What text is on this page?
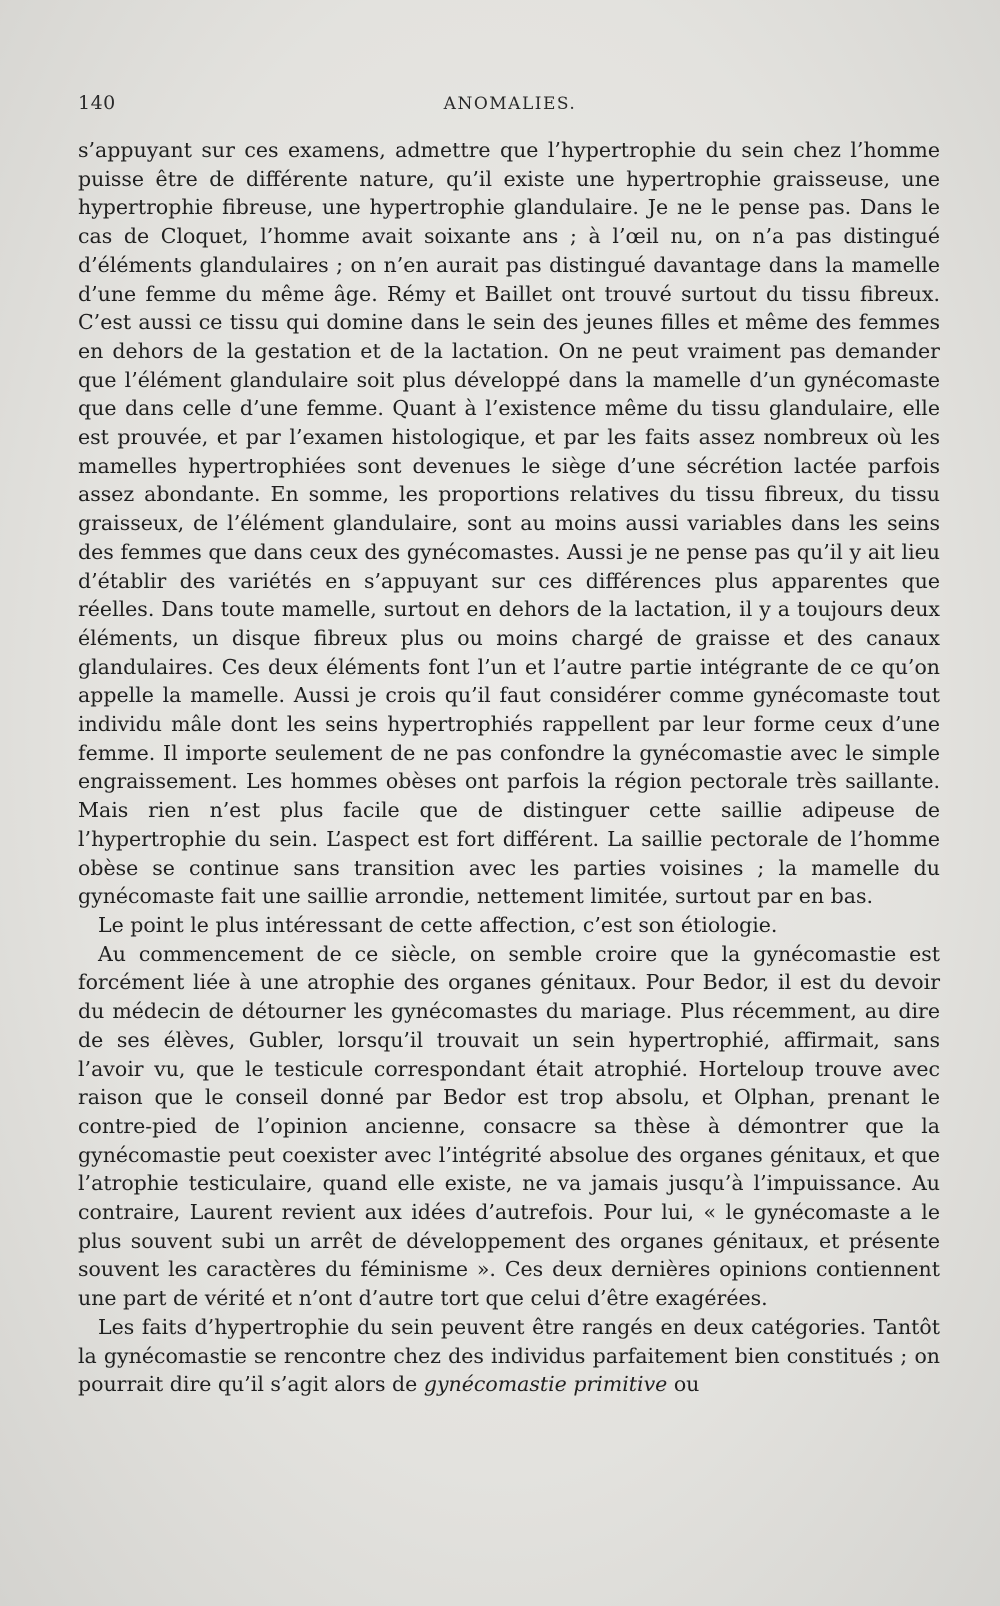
140	ANOMALIES.

s’appuyant sur ces examens, admettre que l’hypertrophie du sein chez l’homme puisse être de différente nature, qu’il existe une hypertrophie graisseuse, une hypertrophie fibreuse, une hypertrophie glandulaire. Je ne le pense pas. Dans le cas de Cloquet, l’homme avait soixante ans ; à l’œil nu, on n’a pas distingué d’éléments glandulaires ; on n’en aurait pas distingué davantage dans la mamelle d’une femme du même âge. Rémy et Baillet ont trouvé surtout du tissu fibreux. C’est aussi ce tissu qui domine dans le sein des jeunes filles et même des femmes en dehors de la gestation et de la lactation. On ne peut vraiment pas demander que l’élément glandulaire soit plus développé dans la mamelle d’un gynécomaste que dans celle d’une femme. Quant à l’existence même du tissu glandulaire, elle est prouvée, et par l’examen histologique, et par les faits assez nombreux où les mamelles hypertrophiées sont devenues le siège d’une sécrétion lactée parfois assez abondante. En somme, les proportions relatives du tissu fibreux, du tissu graisseux, de l’élément glandulaire, sont au moins aussi variables dans les seins des femmes que dans ceux des gynécomastes. Aussi je ne pense pas qu’il y ait lieu d’établir des variétés en s’appuyant sur ces différences plus apparentes que réelles. Dans toute mamelle, surtout en dehors de la lactation, il y a toujours deux éléments, un disque fibreux plus ou moins chargé de graisse et des canaux glandulaires. Ces deux éléments font l’un et l’autre partie intégrante de ce qu’on appelle la mamelle. Aussi je crois qu’il faut considérer comme gynécomaste tout individu mâle dont les seins hypertrophiés rappellent par leur forme ceux d’une femme. Il importe seulement de ne pas confondre la gynécomastie avec le simple engraissement. Les hommes obèses ont parfois la région pectorale très saillante. Mais rien n’est plus facile que de distinguer cette saillie adipeuse de l’hypertrophie du sein. L’aspect est fort différent. La saillie pectorale de l’homme obèse se continue sans transition avec les parties voisines ; la mamelle du gynécomaste fait une saillie arrondie, nettement limitée, surtout par en bas.

Le point le plus intéressant de cette affection, c’est son étiologie.

Au commencement de ce siècle, on semble croire que la gynécomastie est forcément liée à une atrophie des organes génitaux. Pour Bedor, il est du devoir du médecin de détourner les gynécomastes du mariage. Plus récemment, au dire de ses élèves, Gubler, lorsqu’il trouvait un sein hypertrophié, affirmait, sans l’avoir vu, que le testicule correspondant était atrophié. Horteloup trouve avec raison que le conseil donné par Bedor est trop absolu, et Olphan, prenant le contre-pied de l’opinion ancienne, consacre sa thèse à démontrer que la gynécomastie peut coexister avec l’intégrité absolue des organes génitaux, et que l’atrophie testiculaire, quand elle existe, ne va jamais jusqu’à l’impuissance. Au contraire, Laurent revient aux idées d’autrefois. Pour lui, « le gynécomaste a le plus souvent subi un arrêt de développement des organes génitaux, et présente souvent les caractères du féminisme ». Ces deux dernières opinions contiennent une part de vérité et n’ont d’autre tort que celui d’être exagérées.

Les faits d’hypertrophie du sein peuvent être rangés en deux catégories. Tantôt la gynécomastie se rencontre chez des individus parfaitement bien constitués ; on pourrait dire qu’il s’agit alors de gynécomastie primitive ou
